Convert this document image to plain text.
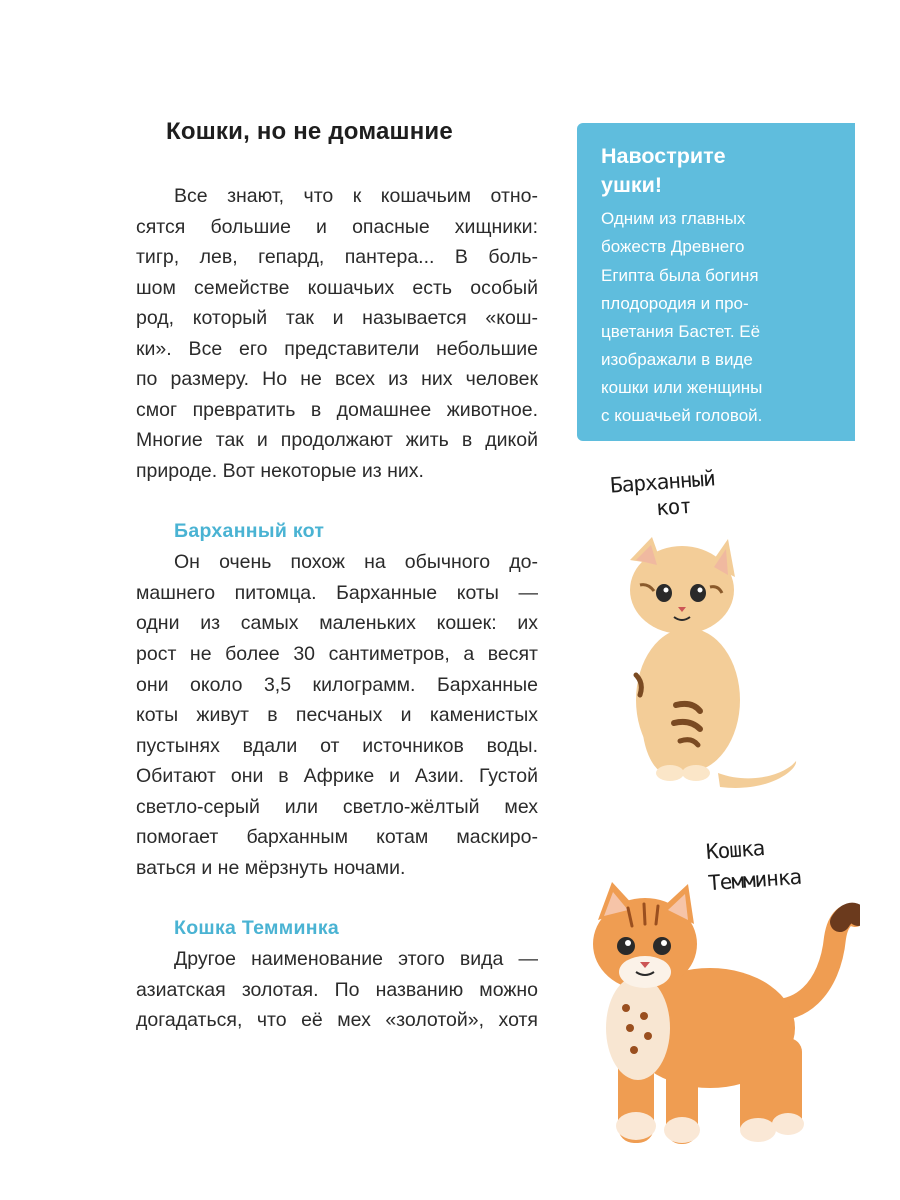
Кошки, но не домашние
Все знают, что к кошачьим отно-
сятся большие и опасные хищники:
тигр, лев, гепард, пантера... В боль-
шом семействе кошачьих есть особый
род, который так и называется «кош-
ки». Все его представители небольшие
по размеру. Но не всех из них человек
смог превратить в домашнее животное.
Многие так и продолжают жить в дикой
природе. Вот некоторые из них.
Барханный кот
Он очень похож на обычного до-
машнего питомца. Барханные коты —
одни из самых маленьких кошек: их
рост не более 30 сантиметров, а весят
они около 3,5 килограмм. Барханные
коты живут в песчаных и каменистых
пустынях вдали от источников воды.
Обитают они в Африке и Азии. Густой
светло-серый или светло-жёлтый мех
помогает барханным котам маскиро-
ваться и не мёрзнуть ночами.
Кошка Темминка
Другое наименование этого вида —
азиатская золотая. По названию можно
догадаться, что её мех «золотой», хотя
Навострите
ушки!
Одним из главных
божеств Древнего
Египта была богиня
плодородия и про-
цветания Бастет. Её
изображали в виде
кошки или женщины
с кошачьей головой.
Барханный
кот
Кошка
Темминка
